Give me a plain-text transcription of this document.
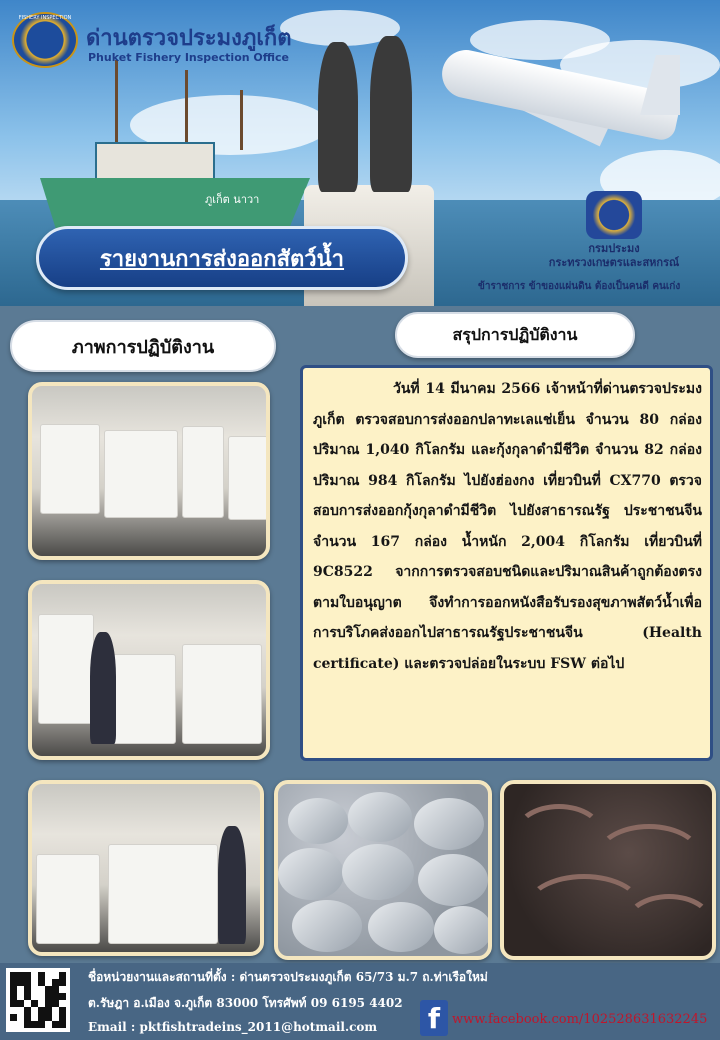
ภูเก็ต นาวา
FISHERY INSPECTION
ด่านตรวจประมงภูเก็ต
Phuket Fishery Inspection Office
กรมประมง
กระทรวงเกษตรและสหกรณ์
ข้าราชการ ข้าของแผ่นดิน ต้องเป็นคนดี คนเก่ง
รายงานการส่งออกสัตว์น้ำ
ภาพการปฏิบัติงาน
สรุปการปฏิบัติงาน

วันที่ 14 มีนาคม 2566 เจ้าหน้าที่ด่านตรวจประมงภูเก็ต ตรวจสอบการส่งออกปลาทะเลแช่เย็น จำนวน 80 กล่อง ปริมาณ 1,040 กิโลกรัม และกุ้งกุลาดำมีชีวิต จำนวน 82 กล่อง ปริมาณ 984 กิโลกรัม ไปยังฮ่องกง เที่ยวบินที่ CX770 ตรวจสอบการส่งออกกุ้งกุลาดำมีชีวิต ไปยังสาธารณรัฐ ประชาชนจีน จำนวน 167 กล่อง น้ำหนัก 2,004 กิโลกรัม เที่ยวบินที่ 9C8522 จากการตรวจสอบชนิดและปริมาณสินค้าถูกต้องตรงตามใบอนุญาต จึงทำการออกหนังสือรับรองสุขภาพสัตว์น้ำเพื่อการบริโภคส่งออกไปสาธารณรัฐประชาชนจีน (Health certificate) และตรวจปล่อยในระบบ FSW ต่อไป

ชื่อหน่วยงานและสถานที่ตั้ง : ด่านตรวจประมงภูเก็ต 65/73 ม.7 ถ.ท่าเรือใหม่
ต.รัษฎา อ.เมือง จ.ภูเก็ต 83000 โทรศัพท์ 09 6195 4402
Email : pktfishtradeins_2011@hotmail.com f www.facebook.com/102528631632245
